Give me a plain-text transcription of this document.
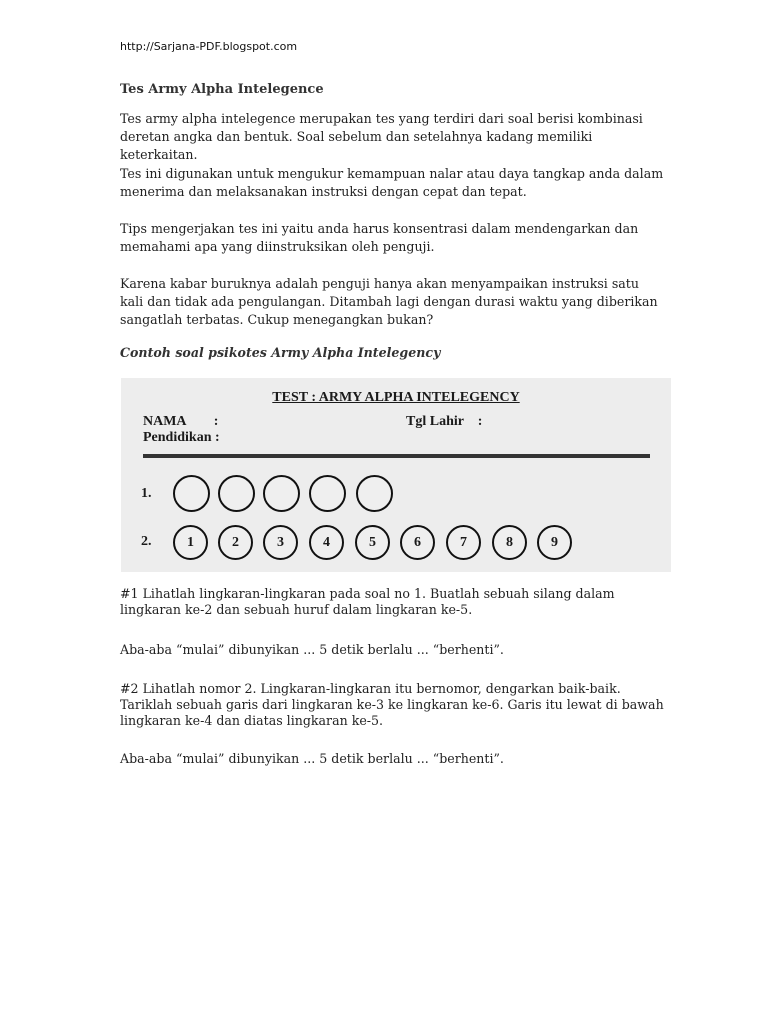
http://Sarjana-PDF.blogspot.com
Tes Army Alpha Intelegence
Tes army alpha intelegence merupakan tes yang terdiri dari soal berisi kombinasi deretan angka dan bentuk. Soal sebelum dan setelahnya kadang memiliki keterkaitan.
Tes ini digunakan untuk mengukur kemampuan nalar atau daya tangkap anda dalam menerima dan melaksanakan instruksi dengan cepat dan tepat.
Tips mengerjakan tes ini yaitu anda harus konsentrasi dalam mendengarkan dan memahami apa yang diinstruksikan oleh penguji.
Karena kabar buruknya adalah penguji hanya akan menyampaikan instruksi satu kali dan tidak ada pengulangan. Ditambah lagi dengan durasi waktu yang diberikan sangatlah terbatas. Cukup menegangkan bukan?
Contoh soal psikotes Army Alpha Intelegency
TEST : ARMY ALPHA INTELEGENCY
NAMA        :	Tgl Lahir    :
Pendidikan :
1.
2.	1	2	3	4	5	6	7	8	9
#1 Lihatlah lingkaran-lingkaran pada soal no 1. Buatlah sebuah silang dalam lingkaran ke-2 dan sebuah huruf dalam lingkaran ke-5.
Aba-aba “mulai” dibunyikan ... 5 detik berlalu ... “berhenti”.
#2 Lihatlah nomor 2. Lingkaran-lingkaran itu bernomor, dengarkan baik-baik. Tariklah sebuah garis dari lingkaran ke-3 ke lingkaran ke-6. Garis itu lewat di bawah lingkaran ke-4 dan diatas lingkaran ke-5.
Aba-aba “mulai” dibunyikan ... 5 detik berlalu ... “berhenti”.
